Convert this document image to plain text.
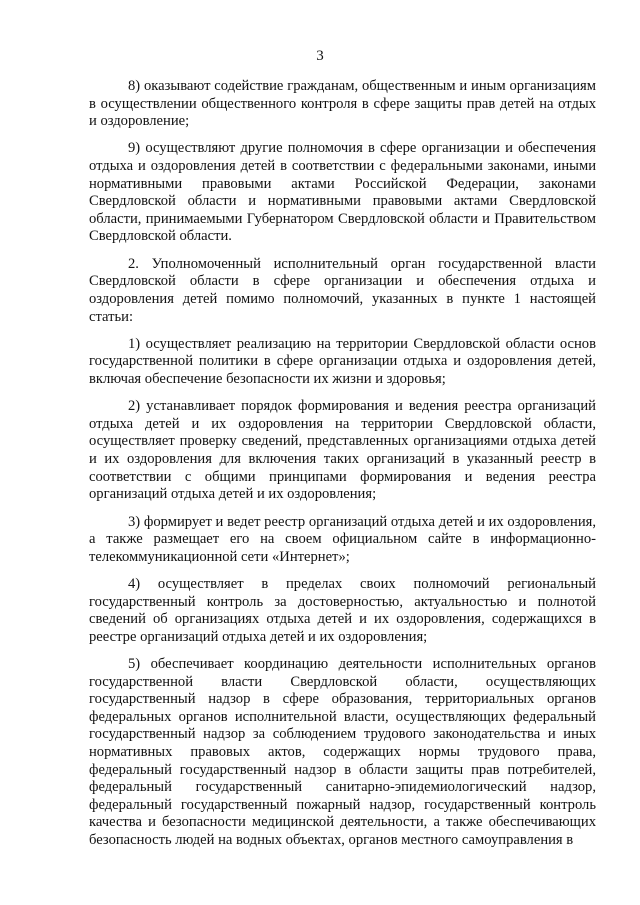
3

8) оказывают содействие гражданам, общественным и иным организациям в осуществлении общественного контроля в сфере защиты прав детей на отдых и оздоровление;

9) осуществляют другие полномочия в сфере организации и обеспечения отдыха и оздоровления детей в соответствии с федеральными законами, иными нормативными правовыми актами Российской Федерации, законами Свердловской области и нормативными правовыми актами Свердловской области, принимаемыми Губернатором Свердловской области и Правительством Свердловской области.

2. Уполномоченный исполнительный орган государственной власти Свердловской области в сфере организации и обеспечения отдыха и оздоровления детей помимо полномочий, указанных в пункте 1 настоящей статьи:

1) осуществляет реализацию на территории Свердловской области основ государственной политики в сфере организации отдыха и оздоровления детей, включая обеспечение безопасности их жизни и здоровья;

2) устанавливает порядок формирования и ведения реестра организаций отдыха детей и их оздоровления на территории Свердловской области, осуществляет проверку сведений, представленных организациями отдыха детей и их оздоровления для включения таких организаций в указанный реестр в соответствии с общими принципами формирования и ведения реестра организаций отдыха детей и их оздоровления;

3) формирует и ведет реестр организаций отдыха детей и их оздоровления, а также размещает его на своем официальном сайте в информационно-телекоммуникационной сети «Интернет»;

4) осуществляет в пределах своих полномочий региональный государственный контроль за достоверностью, актуальностью и полнотой сведений об организациях отдыха детей и их оздоровления, содержащихся в реестре организаций отдыха детей и их оздоровления;

5) обеспечивает координацию деятельности исполнительных органов государственной власти Свердловской области, осуществляющих государственный надзор в сфере образования, территориальных органов федеральных органов исполнительной власти, осуществляющих федеральный государственный надзор за соблюдением трудового законодательства и иных нормативных правовых актов, содержащих нормы трудового права, федеральный государственный надзор в области защиты прав потребителей, федеральный государственный санитарно-эпидемиологический надзор, федеральный государственный пожарный надзор, государственный контроль качества и безопасности медицинской деятельности, а также обеспечивающих безопасность людей на водных объектах, органов местного самоуправления в
